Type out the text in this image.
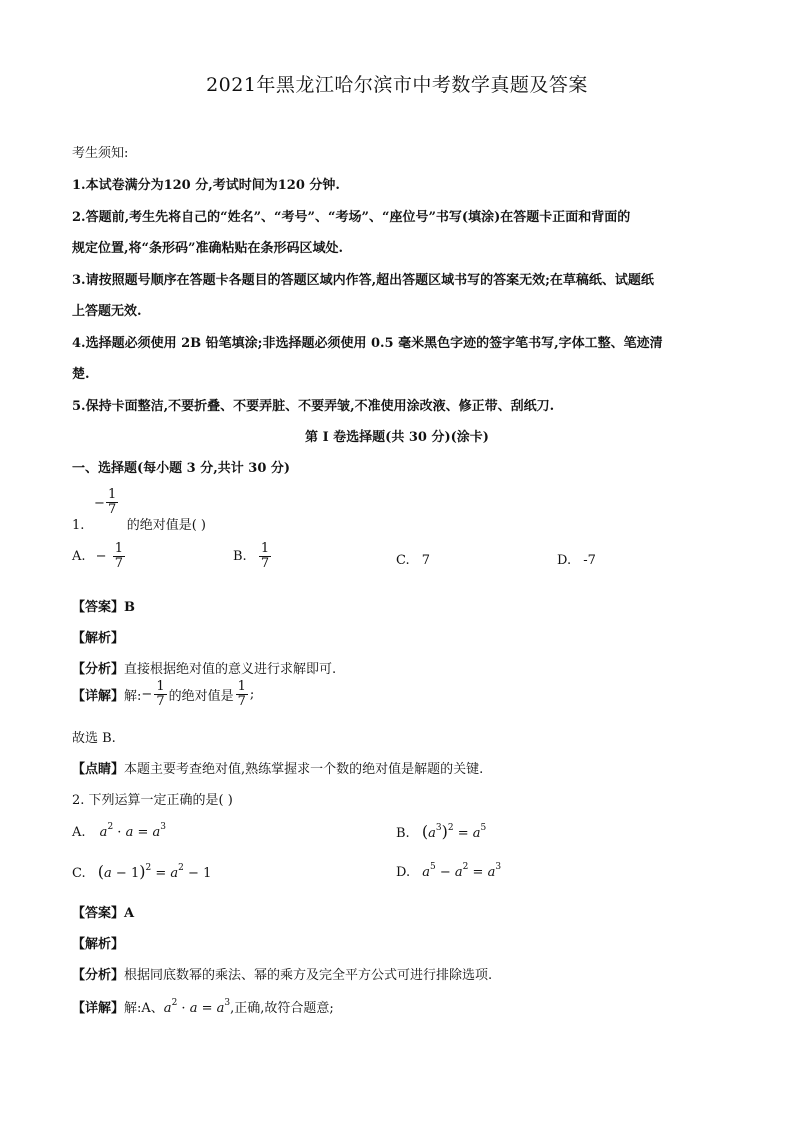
2021年黑龙江哈尔滨市中考数学真题及答案
考生须知:
1.本试卷满分为120 分,考试时间为120 分钟.
2.答题前,考生先将自己的“姓名”、“考号”、“考场”、“座位号”书写(填涂)在答题卡正面和背面的
规定位置,将“条形码”准确粘贴在条形码区域处.
3.请按照题号顺序在答题卡各题目的答题区域内作答,超出答题区域书写的答案无效;在草稿纸、试题纸
上答题无效.
4.选择题必须使用 2B 铅笔填涂;非选择题必须使用 0.5 毫米黑色字迹的签字笔书写,字体工整、笔迹清
楚.
5.保持卡面整洁,不要折叠、不要弄脏、不要弄皱,不准使用涂改液、修正带、刮纸刀.
第 I 卷选择题(共 30 分)(涂卡)
一、选择题(每小题 3 分,共计 30 分)
− $\frac{1}{7}$
1.	的绝对值是( )
A. − $\frac{1}{7}$	B. $\frac{1}{7}$	C. 7	D. -7
【答案】B
【解析】
【分析】直接根据绝对值的意义进行求解即可.
【详解】解:− $\frac{1}{7}$ 的绝对值是 $\frac{1}{7}$ ;
故选 B.
【点睛】本题主要考查绝对值,熟练掌握求一个数的绝对值是解题的关键.
2. 下列运算一定正确的是( )
A. $a^2 \cdot a = a^3$	B. $(a^3)^2 = a^5$
C. $(a - 1)^2 = a^2 - 1$	D. $a^5 - a^2 = a^3$
【答案】A
【解析】
【分析】根据同底数幂的乘法、幂的乘方及完全平方公式可进行排除选项.
【详解】解:A、$a^2 \cdot a = a^3$,正确,故符合题意;
